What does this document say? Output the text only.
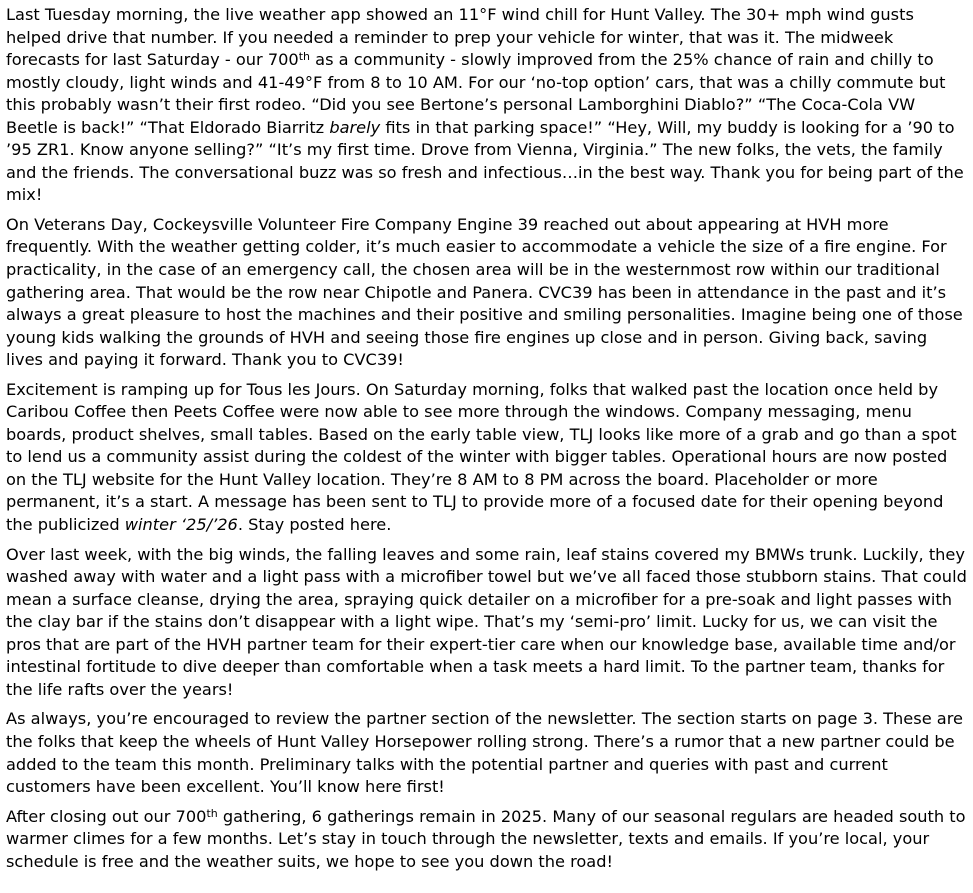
Last Tuesday morning, the live weather app showed an 11°F wind chill for Hunt Valley. The 30+ mph wind gusts helped drive that number. If you needed a reminder to prep your vehicle for winter, that was it. The midweek forecasts for last Saturday - our 700th as a community - slowly improved from the 25% chance of rain and chilly to mostly cloudy, light winds and 41-49°F from 8 to 10 AM. For our ‘no-top option’ cars, that was a chilly commute but this probably wasn’t their first rodeo. “Did you see Bertone’s personal Lamborghini Diablo?” “The Coca-Cola VW Beetle is back!” “That Eldorado Biarritz barely fits in that parking space!” “Hey, Will, my buddy is looking for a ’90 to ’95 ZR1. Know anyone selling?” “It’s my first time. Drove from Vienna, Virginia.” The new folks, the vets, the family and the friends. The conversational buzz was so fresh and infectious…in the best way. Thank you for being part of the mix!

On Veterans Day, Cockeysville Volunteer Fire Company Engine 39 reached out about appearing at HVH more frequently. With the weather getting colder, it’s much easier to accommodate a vehicle the size of a fire engine. For practicality, in the case of an emergency call, the chosen area will be in the westernmost row within our traditional gathering area. That would be the row near Chipotle and Panera. CVC39 has been in attendance in the past and it’s always a great pleasure to host the machines and their positive and smiling personalities. Imagine being one of those young kids walking the grounds of HVH and seeing those fire engines up close and in person. Giving back, saving lives and paying it forward. Thank you to CVC39!

Excitement is ramping up for Tous les Jours. On Saturday morning, folks that walked past the location once held by Caribou Coffee then Peets Coffee were now able to see more through the windows. Company messaging, menu boards, product shelves, small tables. Based on the early table view, TLJ looks like more of a grab and go than a spot to lend us a community assist during the coldest of the winter with bigger tables. Operational hours are now posted on the TLJ website for the Hunt Valley location. They’re 8 AM to 8 PM across the board. Placeholder or more permanent, it’s a start. A message has been sent to TLJ to provide more of a focused date for their opening beyond the publicized winter ‘25/’26. Stay posted here.

Over last week, with the big winds, the falling leaves and some rain, leaf stains covered my BMWs trunk. Luckily, they washed away with water and a light pass with a microfiber towel but we’ve all faced those stubborn stains. That could mean a surface cleanse, drying the area, spraying quick detailer on a microfiber for a pre-soak and light passes with the clay bar if the stains don’t disappear with a light wipe. That’s my ‘semi-pro’ limit. Lucky for us, we can visit the pros that are part of the HVH partner team for their expert-tier care when our knowledge base, available time and/or intestinal fortitude to dive deeper than comfortable when a task meets a hard limit. To the partner team, thanks for the life rafts over the years!

As always, you’re encouraged to review the partner section of the newsletter. The section starts on page 3. These are the folks that keep the wheels of Hunt Valley Horsepower rolling strong. There’s a rumor that a new partner could be added to the team this month. Preliminary talks with the potential partner and queries with past and current customers have been excellent. You’ll know here first!

After closing out our 700th gathering, 6 gatherings remain in 2025. Many of our seasonal regulars are headed south to warmer climes for a few months. Let’s stay in touch through the newsletter, texts and emails. If you’re local, your schedule is free and the weather suits, we hope to see you down the road!
